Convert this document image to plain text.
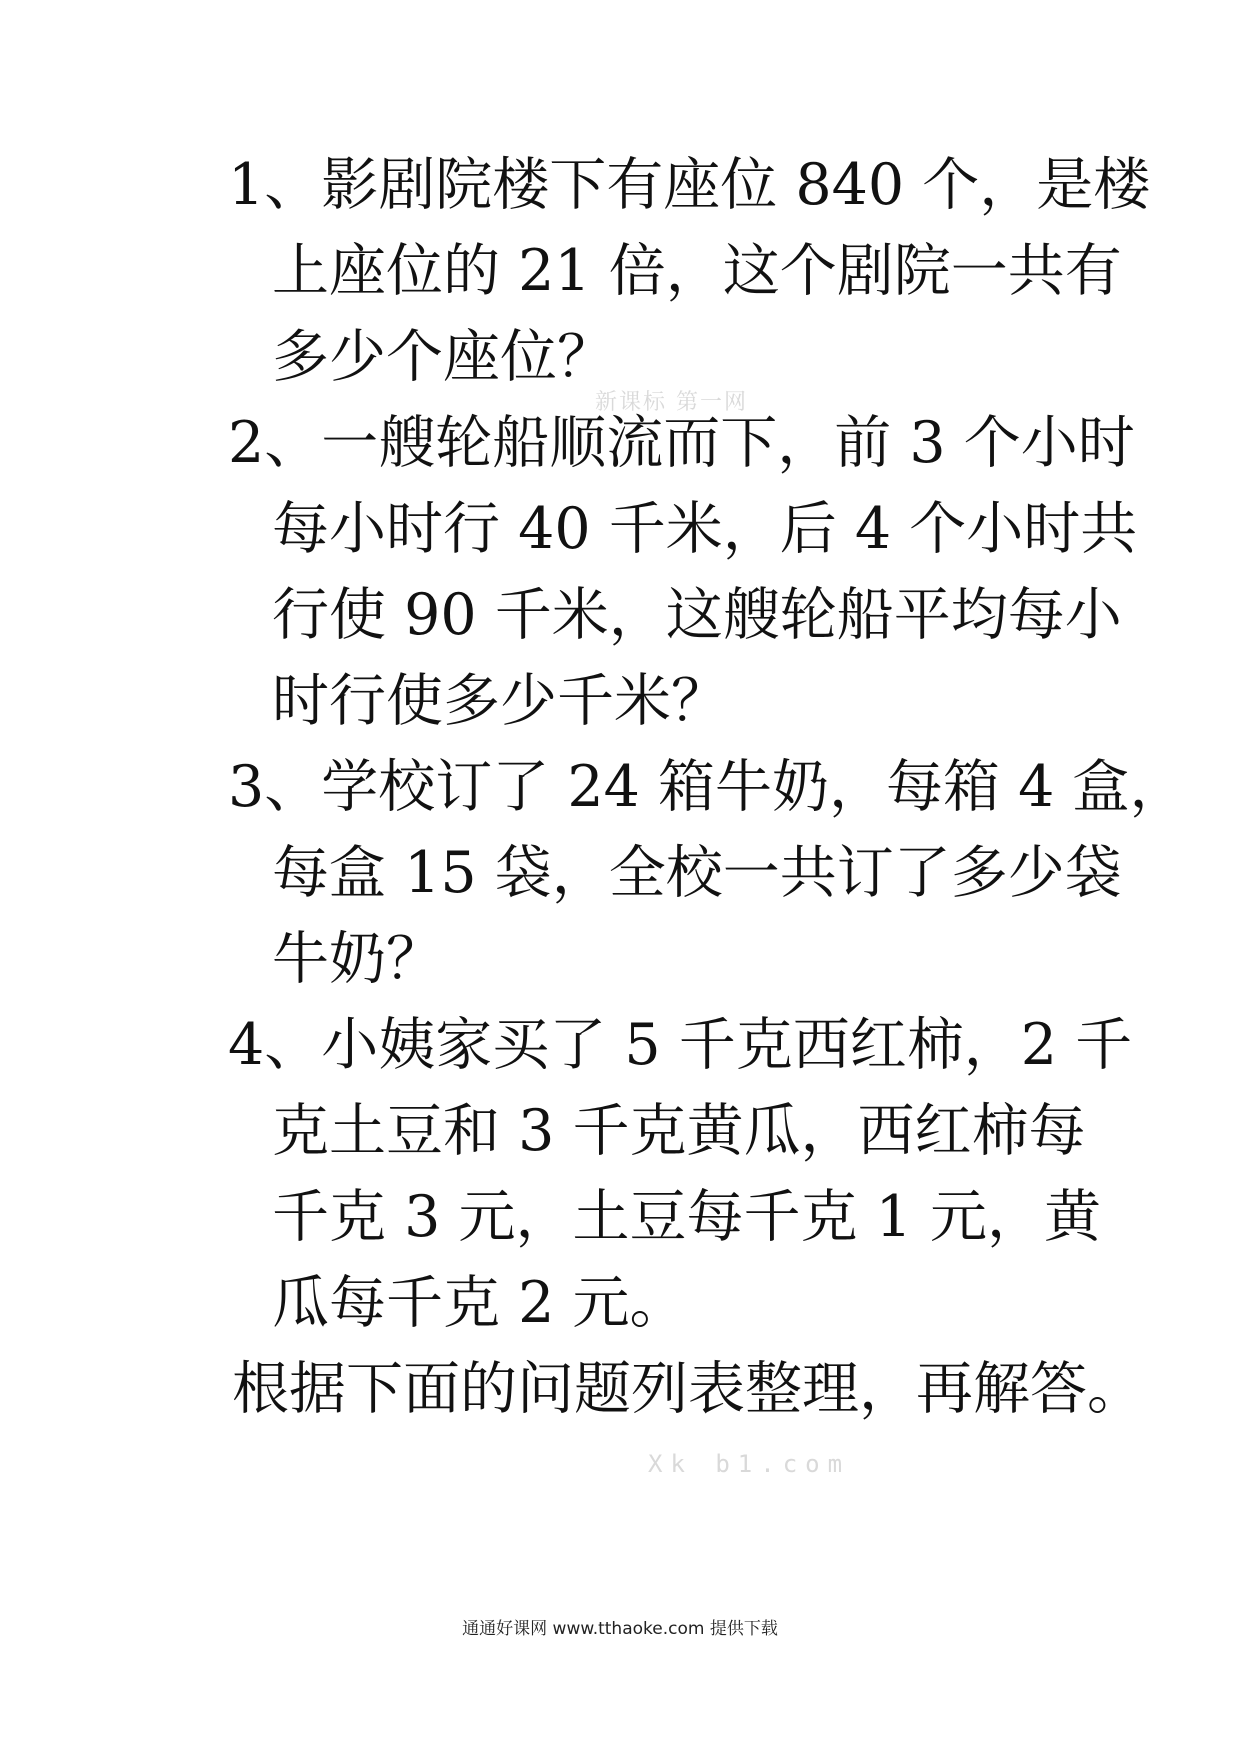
1、影剧院楼下有座位 840 个，是楼
上座位的 21 倍，这个剧院一共有
多少个座位？
新课标 第一网
2、一艘轮船顺流而下，前 3 个小时
每小时行 40 千米，后 4 个小时共
行使 90 千米，这艘轮船平均每小
时行使多少千米？
3、学校订了 24 箱牛奶，每箱 4 盒，
每盒 15 袋，全校一共订了多少袋
牛奶？
4、小姨家买了 5 千克西红柿，2 千
克土豆和 3 千克黄瓜，西红柿每
千克 3 元，土豆每千克 1 元，黄
瓜每千克 2 元。
Xk b1.com
根据下面的问题列表整理，再解答。
通通好课网 www.tthaoke.com 提供下载
